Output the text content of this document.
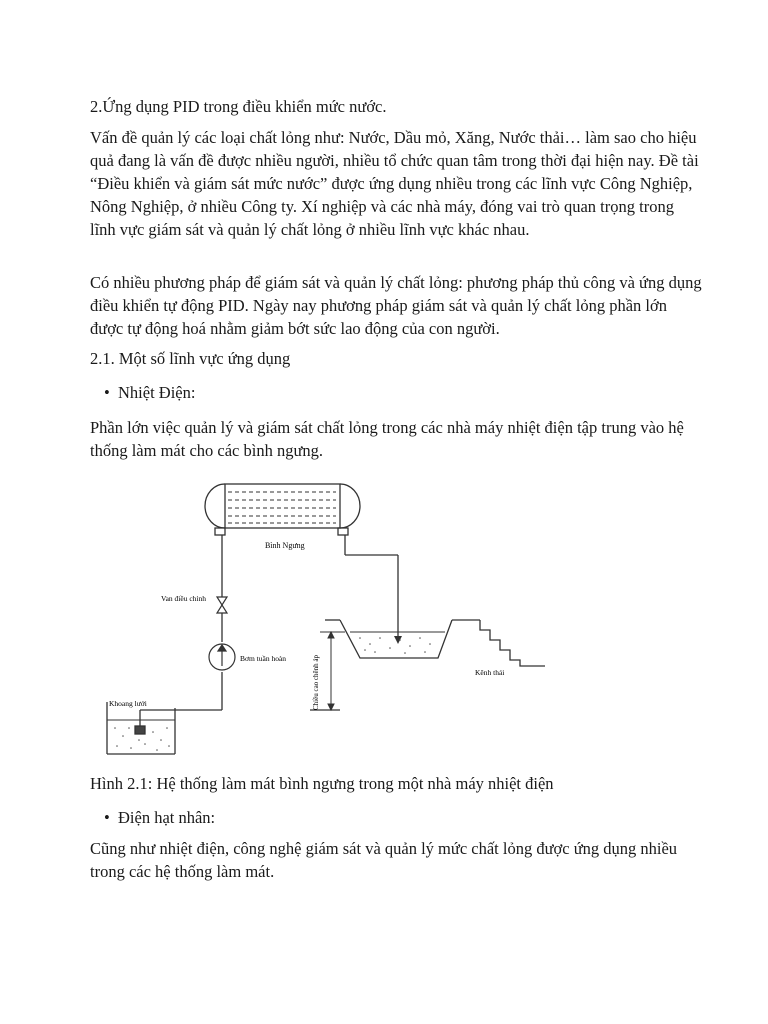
2.Ứng dụng PID trong điều khiển mức nước.

Vấn đề quản lý các loại chất lỏng như: Nước, Dầu mỏ, Xăng, Nước thải… làm sao cho hiệu quả đang là vấn đề được nhiều người, nhiều tổ chức quan tâm trong thời đại hiện nay. Đề tài “Điều khiển và giám sát mức nước” được ứng dụng nhiều trong các lĩnh vực Công Nghiệp, Nông Nghiệp, ở nhiều Công ty. Xí nghiệp và các nhà máy, đóng vai trò quan trọng trong lĩnh vực giám sát và quản lý chất lỏng ở nhiều lĩnh vực khác nhau.

Có nhiều phương pháp để giám sát và quản lý chất lỏng: phương pháp thủ công và ứng dụng điều khiển tự động PID. Ngày nay phương pháp giám sát và quản lý chất lỏng phần lớn được tự động hoá nhằm giảm bớt sức lao động của con người.

2.1. Một số lĩnh vực ứng dụng

• Nhiệt Điện:

Phần lớn việc quản lý và giám sát chất lỏng trong các nhà máy nhiệt điện tập trung vào hệ thống làm mát cho các bình ngưng.

Bình Ngưng
Van điều chỉnh
Bơm tuần hoàn
Kênh thải
Chiều cao chênh áp
Khoang lưới

Hình 2.1: Hệ thống làm mát bình ngưng trong một nhà máy nhiệt điện

• Điện hạt nhân:

Cũng như nhiệt điện, công nghệ giám sát và quản lý mức chất lỏng được ứng dụng nhiều trong các hệ thống làm mát.
